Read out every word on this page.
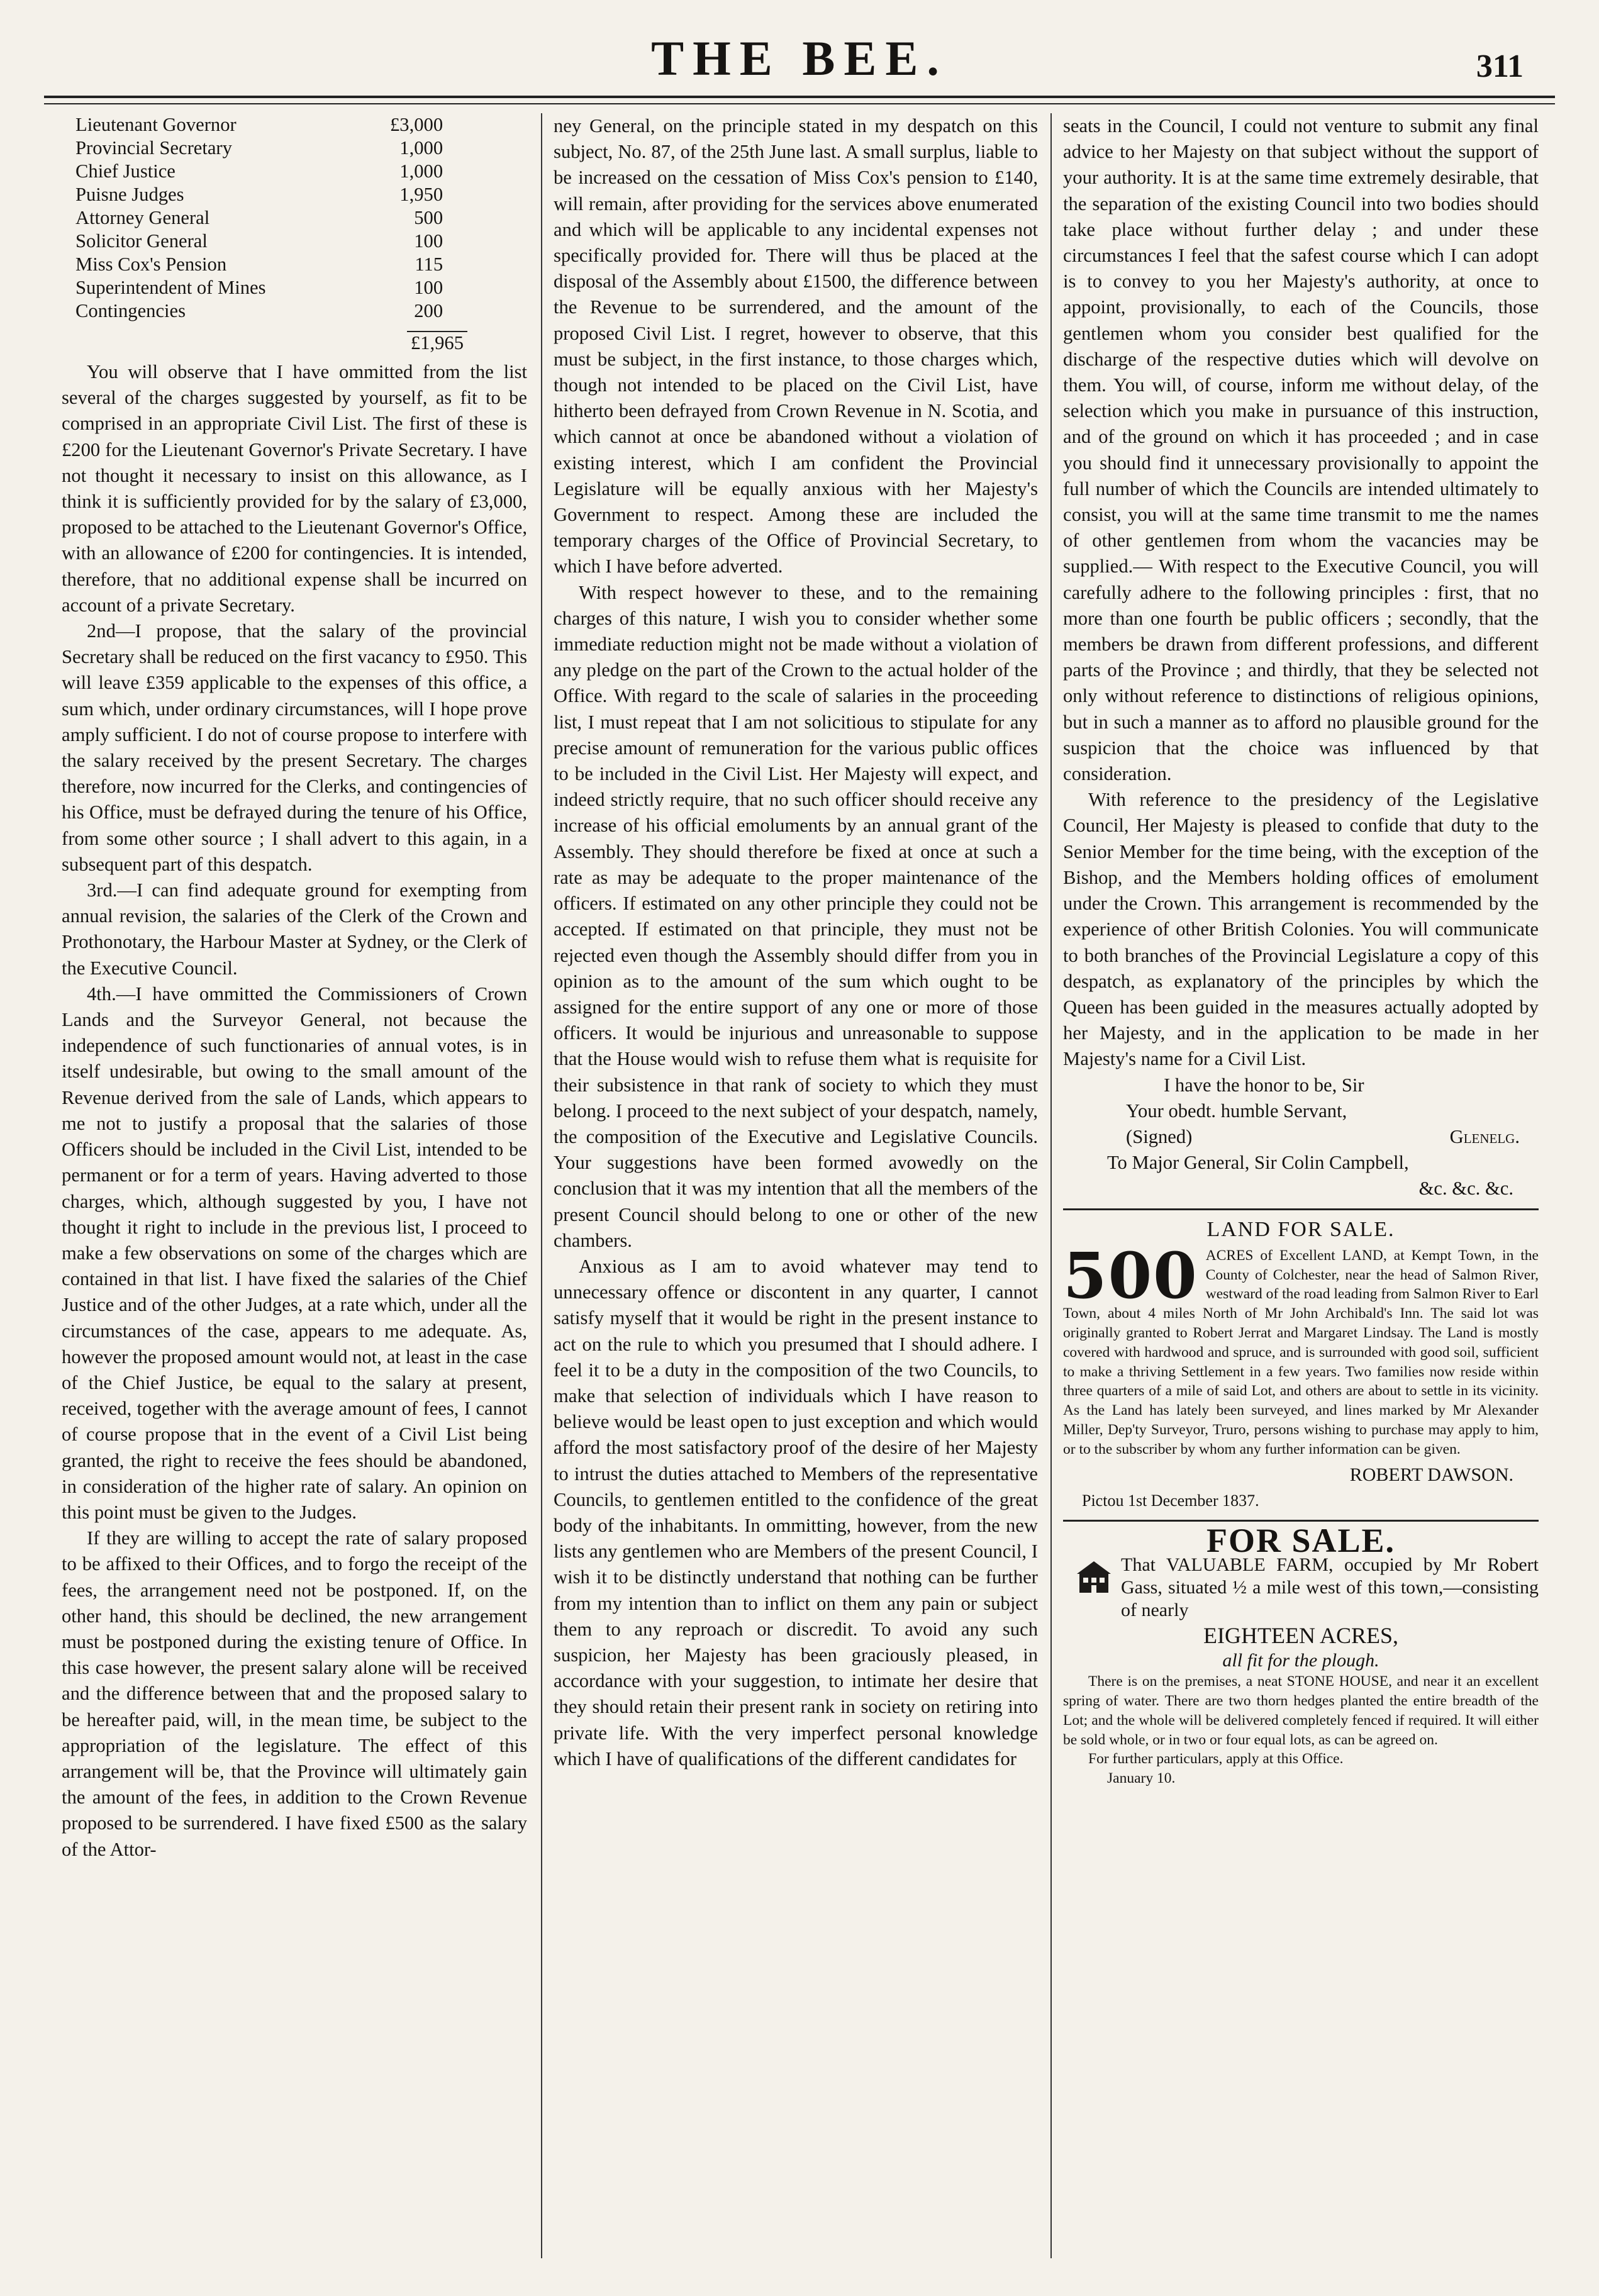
THE BEE.	311
Lieutenant Governor	£3,000
Provincial Secretary	1,000
Chief Justice	1,000
Puisne Judges	1,950
Attorney General	500
Solicitor General	100
Miss Cox's Pension	115
Superintendent of Mines	100
Contingencies	200
£1,965

You will observe that I have ommitted from the list several of the charges suggested by yourself, as fit to be comprised in an appropriate Civil List. The first of these is £200 for the Lieutenant Governor's Private Secretary. I have not thought it necessary to insist on this allowance, as I think it is sufficiently provided for by the salary of £3,000, proposed to be attached to the Lieutenant Governor's Office, with an allowance of £200 for contingencies. It is intended, therefore, that no additional expense shall be incurred on account of a private Secretary.

2nd—I propose, that the salary of the provincial Secretary shall be reduced on the first vacancy to £950. This will leave £359 applicable to the expenses of this office, a sum which, under ordinary circumstances, will I hope prove amply sufficient. I do not of course propose to interfere with the salary received by the present Secretary. The charges therefore, now incurred for the Clerks, and contingencies of his Office, must be defrayed during the tenure of his Office, from some other source ; I shall advert to this again, in a subsequent part of this despatch.

3rd.—I can find adequate ground for exempting from annual revision, the salaries of the Clerk of the Crown and Prothonotary, the Harbour Master at Sydney, or the Clerk of the Executive Council.

4th.—I have ommitted the Commissioners of Crown Lands and the Surveyor General, not because the independence of such functionaries of annual votes, is in itself undesirable, but owing to the small amount of the Revenue derived from the sale of Lands, which appears to me not to justify a proposal that the salaries of those Officers should be included in the Civil List, intended to be permanent or for a term of years. Having adverted to those charges, which, although suggested by you, I have not thought it right to include in the previous list, I proceed to make a few observations on some of the charges which are contained in that list. I have fixed the salaries of the Chief Justice and of the other Judges, at a rate which, under all the circumstances of the case, appears to me adequate. As, however the proposed amount would not, at least in the case of the Chief Justice, be equal to the salary at present, received, together with the average amount of fees, I cannot of course propose that in the event of a Civil List being granted, the right to receive the fees should be abandoned, in consideration of the higher rate of salary. An opinion on this point must be given to the Judges.

If they are willing to accept the rate of salary proposed to be affixed to their Offices, and to forgo the receipt of the fees, the arrangement need not be postponed. If, on the other hand, this should be declined, the new arrangement must be postponed during the existing tenure of Office. In this case however, the present salary alone will be received and the difference between that and the proposed salary to be hereafter paid, will, in the mean time, be subject to the appropriation of the legislature. The effect of this arrangement will be, that the Province will ultimately gain the amount of the fees, in addition to the Crown Revenue proposed to be surrendered. I have fixed £500 as the salary of the Attor-

ney General, on the principle stated in my despatch on this subject, No. 87, of the 25th June last. A small surplus, liable to be increased on the cessation of Miss Cox's pension to £140, will remain, after providing for the services above enumerated and which will be applicable to any incidental expenses not specifically provided for. There will thus be placed at the disposal of the Assembly about £1500, the difference between the Revenue to be surrendered, and the amount of the proposed Civil List. I regret, however to observe, that this must be subject, in the first instance, to those charges which, though not intended to be placed on the Civil List, have hitherto been defrayed from Crown Revenue in N. Scotia, and which cannot at once be abandoned without a violation of existing interest, which I am confident the Provincial Legislature will be equally anxious with her Majesty's Government to respect. Among these are included the temporary charges of the Office of Provincial Secretary, to which I have before adverted.

With respect however to these, and to the remaining charges of this nature, I wish you to consider whether some immediate reduction might not be made without a violation of any pledge on the part of the Crown to the actual holder of the Office. With regard to the scale of salaries in the proceeding list, I must repeat that I am not solicitious to stipulate for any precise amount of remuneration for the various public offices to be included in the Civil List. Her Majesty will expect, and indeed strictly require, that no such officer should receive any increase of his official emoluments by an annual grant of the Assembly. They should therefore be fixed at once at such a rate as may be adequate to the proper maintenance of the officers. If estimated on any other principle they could not be accepted. If estimated on that principle, they must not be rejected even though the Assembly should differ from you in opinion as to the amount of the sum which ought to be assigned for the entire support of any one or more of those officers. It would be injurious and unreasonable to suppose that the House would wish to refuse them what is requisite for their subsistence in that rank of society to which they must belong. I proceed to the next subject of your despatch, namely, the composition of the Executive and Legislative Councils. Your suggestions have been formed avowedly on the conclusion that it was my intention that all the members of the present Council should belong to one or other of the new chambers.

Anxious as I am to avoid whatever may tend to unnecessary offence or discontent in any quarter, I cannot satisfy myself that it would be right in the present instance to act on the rule to which you presumed that I should adhere. I feel it to be a duty in the composition of the two Councils, to make that selection of individuals which I have reason to believe would be least open to just exception and which would afford the most satisfactory proof of the desire of her Majesty to intrust the duties attached to Members of the representative Councils, to gentlemen entitled to the confidence of the great body of the inhabitants. In ommitting, however, from the new lists any gentlemen who are Members of the present Council, I wish it to be distinctly understand that nothing can be further from my intention than to inflict on them any pain or subject them to any reproach or discredit. To avoid any such suspicion, her Majesty has been graciously pleased, in accordance with your suggestion, to intimate her desire that they should retain their present rank in society on retiring into private life. With the very imperfect personal knowledge which I have of qualifications of the different candidates for

seats in the Council, I could not venture to submit any final advice to her Majesty on that subject without the support of your authority. It is at the same time extremely desirable, that the separation of the existing Council into two bodies should take place without further delay ; and under these circumstances I feel that the safest course which I can adopt is to convey to you her Majesty's authority, at once to appoint, provisionally, to each of the Councils, those gentlemen whom you consider best qualified for the discharge of the respective duties which will devolve on them. You will, of course, inform me without delay, of the selection which you make in pursuance of this instruction, and of the ground on which it has proceeded ; and in case you should find it unnecessary provisionally to appoint the full number of which the Councils are intended ultimately to consist, you will at the same time transmit to me the names of other gentlemen from whom the vacancies may be supplied.— With respect to the Executive Council, you will carefully adhere to the following principles : first, that no more than one fourth be public officers ; secondly, that the members be drawn from different professions, and different parts of the Province ; and thirdly, that they be selected not only without reference to distinctions of religious opinions, but in such a manner as to afford no plausible ground for the suspicion that the choice was influenced by that consideration.

With reference to the presidency of the Legislative Council, Her Majesty is pleased to confide that duty to the Senior Member for the time being, with the exception of the Bishop, and the Members holding offices of emolument under the Crown. This arrangement is recommended by the experience of other British Colonies. You will communicate to both branches of the Provincial Legislature a copy of this despatch, as explanatory of the principles by which the Queen has been guided in the measures actually adopted by her Majesty, and in the application to be made in her Majesty's name for a Civil List.

I have the honor to be, Sir
Your obedt. humble Servant,
(Signed)	Glenelg.
To Major General, Sir Colin Campbell,
&c. &c. &c.
LAND FOR SALE.
500 ACRES of Excellent LAND, at Kempt Town, in the County of Colchester, near the head of Salmon River, westward of the road leading from Salmon River to Earl Town, about 4 miles North of Mr John Archibald's Inn. The said lot was originally granted to Robert Jerrat and Margaret Lindsay. The Land is mostly covered with hardwood and spruce, and is surrounded with good soil, sufficient to make a thriving Settlement in a few years. Two families now reside within three quarters of a mile of said Lot, and others are about to settle in its vicinity. As the Land has lately been surveyed, and lines marked by Mr Alexander Miller, Dep'ty Surveyor, Truro, persons wishing to purchase may apply to him, or to the subscriber by whom any further information can be given.
ROBERT DAWSON.
Pictou 1st December 1837.
FOR SALE.
That VALUABLE FARM, occupied by Mr Robert Gass, situated ½ a mile west of this town,—consisting of nearly
EIGHTEEN ACRES,
all fit for the plough.

There is on the premises, a neat STONE HOUSE, and near it an excellent spring of water. There are two thorn hedges planted the entire breadth of the Lot; and the whole will be delivered completely fenced if required. It will either be sold whole, or in two or four equal lots, as can be agreed on.

For further particulars, apply at this Office.

January 10.
